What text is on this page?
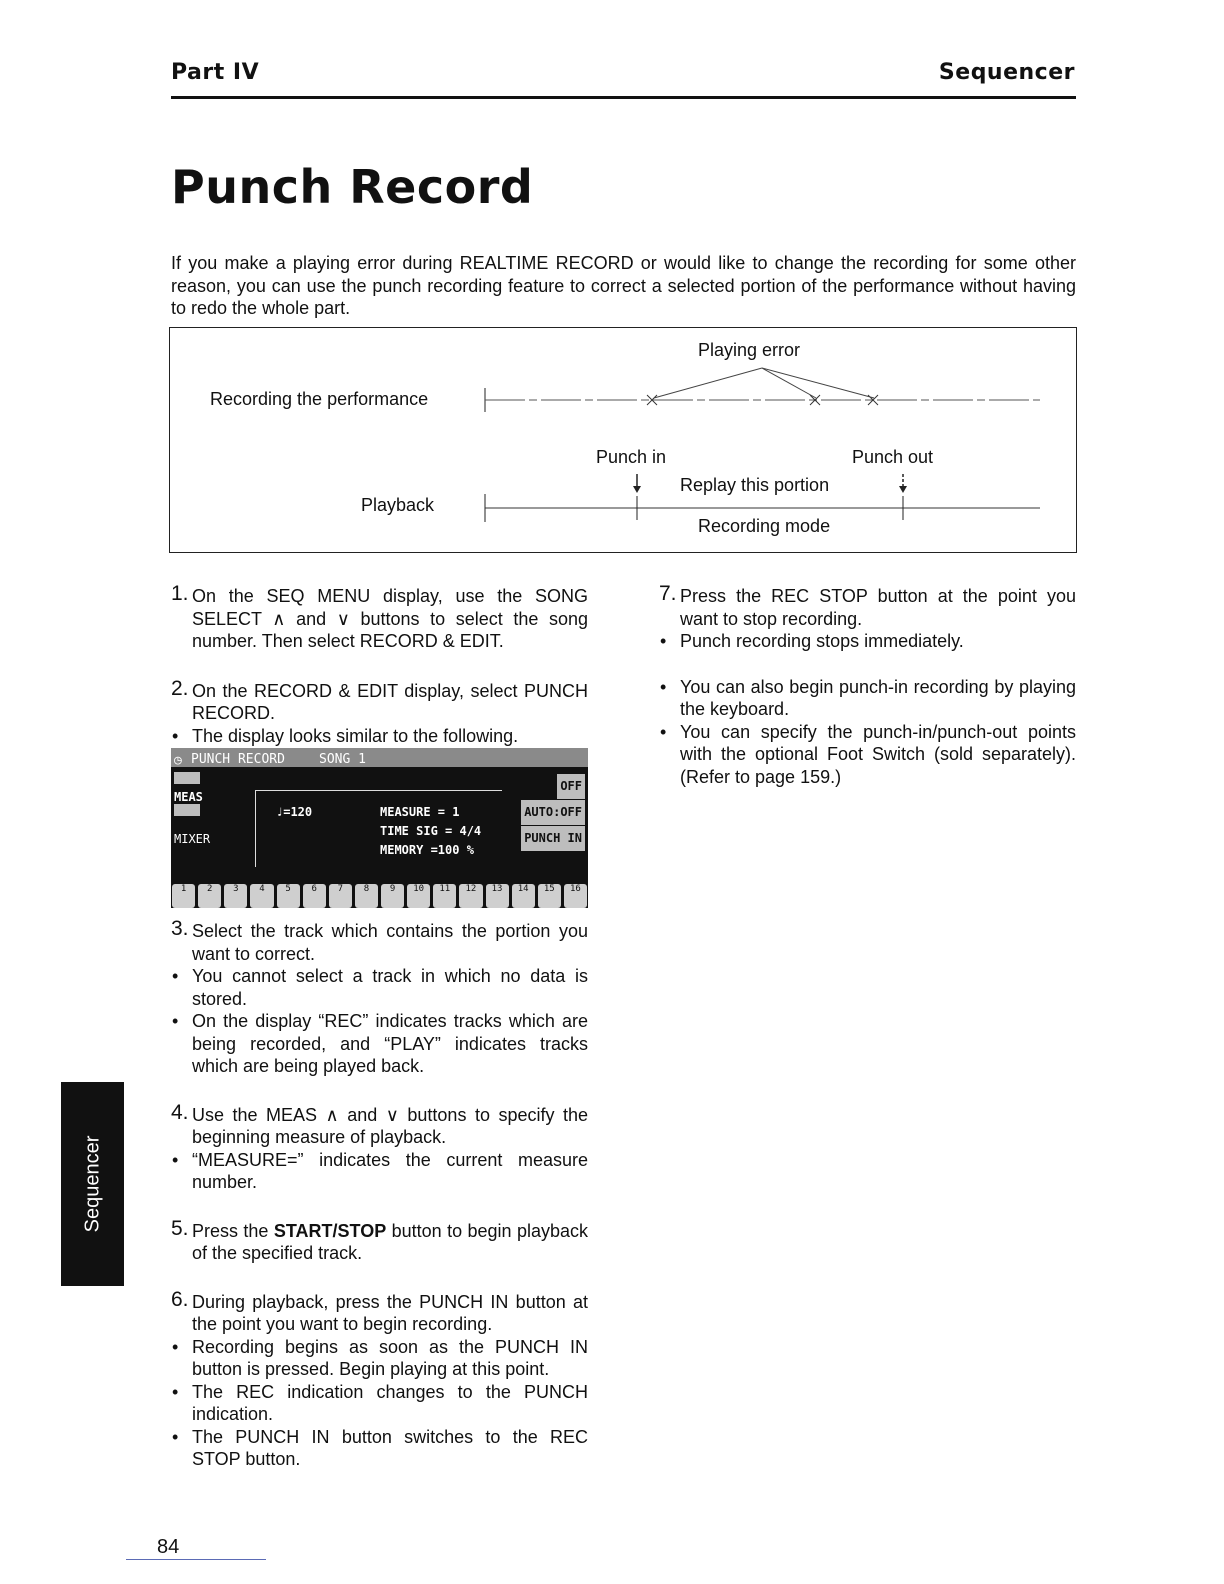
Part IV	Sequencer
Punch Record

If you make a playing error during REALTIME RECORD or would like to change the recording for some other reason, you can use the punch recording feature to correct a selected portion of the performance without having to redo the whole part.

Playing error
Recording the performance
Punch in	Punch out
Replay this portion
Playback
Recording mode
1. On the SEQ MENU display, use the SONG SELECT ∧ and ∨ buttons to select the song number. Then select RECORD & EDIT.
2. On the RECORD & EDIT display, select PUNCH RECORD.

• The display looks similar to the following.

◷ PUNCH RECORD	SONG 1
MEAS
MIXER
♩=120	MEASURE = 1
TIME SIG = 4/4
MEMORY =100 %
OFF
AUTO:OFF
PUNCH IN
1	2	3	4	5	6	7	8	9	10	11	12	13	14	15	16
3. Select the track which contains the portion you want to correct.

• You cannot select a track in which no data is stored.

• On the display “REC” indicates tracks which are being recorded, and “PLAY” indicates tracks which are being played back.

4. Use the MEAS ∧ and ∨ buttons to specify the beginning measure of playback.

• “MEASURE=” indicates the current measure number.

5. Press the START/STOP button to begin playback of the specified track.
6. During playback, press the PUNCH IN button at the point you want to begin recording.

• Recording begins as soon as the PUNCH IN button is pressed. Begin playing at this point.

• The REC indication changes to the PUNCH indication.

• The PUNCH IN button switches to the REC STOP button.

7. Press the REC STOP button at the point you want to stop recording.

• Punch recording stops immediately.

• You can also begin punch-in recording by playing the keyboard.

• You can specify the punch-in/punch-out points with the optional Foot Switch (sold separately). (Refer to page 159.)

Sequencer
84
